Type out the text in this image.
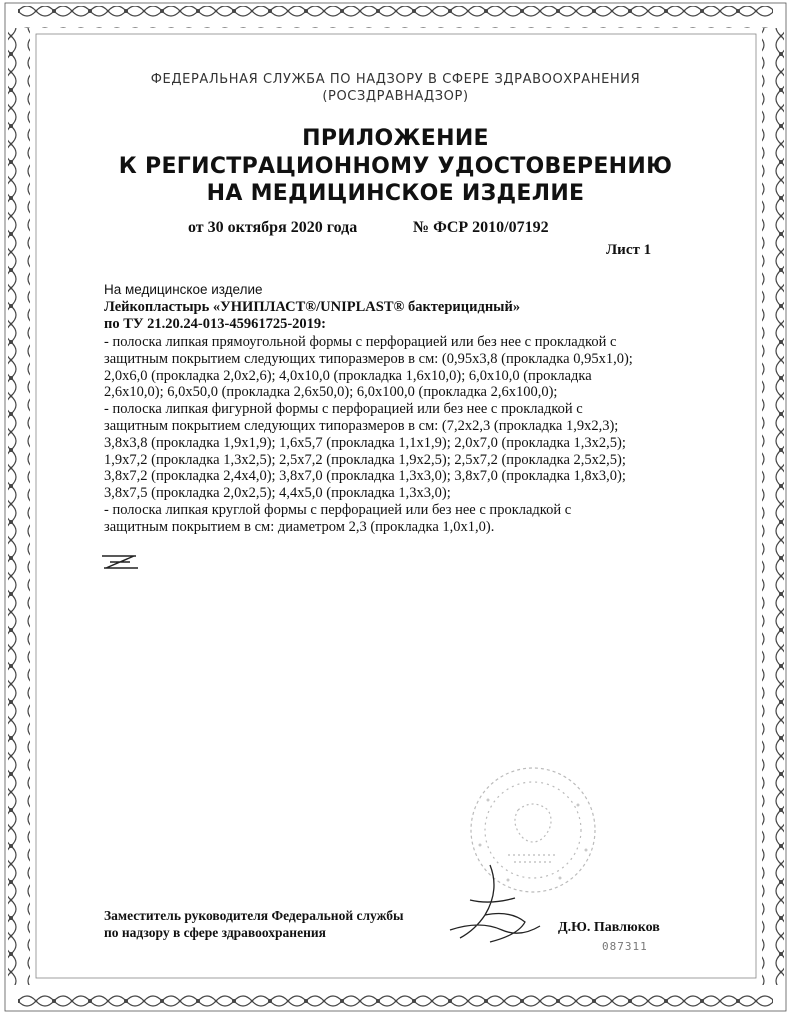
ФЕДЕРАЛЬНАЯ СЛУЖБА ПО НАДЗОРУ В СФЕРЕ ЗДРАВООХРАНЕНИЯ
(РОСЗДРАВНАДЗОР)
ПРИЛОЖЕНИЕ
К РЕГИСТРАЦИОННОМУ УДОСТОВЕРЕНИЮ
НА МЕДИЦИНСКОЕ ИЗДЕЛИЕ
от 30 октября 2020 года	№ ФСР 2010/07192
Лист 1
На медицинское изделие
Лейкопластырь «УНИПЛАСТ®/UNIPLAST® бактерицидный»
по ТУ 21.20.24-013-45961725-2019:
- полоска липкая прямоугольной формы с перфорацией или без нее с прокладкой с
защитным покрытием следующих типоразмеров в см: (0,95x3,8 (прокладка 0,95x1,0);
2,0x6,0 (прокладка 2,0x2,6); 4,0x10,0 (прокладка 1,6x10,0); 6,0x10,0 (прокладка
2,6x10,0); 6,0x50,0 (прокладка 2,6x50,0); 6,0x100,0 (прокладка 2,6x100,0);
- полоска липкая фигурной формы с перфорацией или без нее с прокладкой с
защитным покрытием следующих типоразмеров в см: (7,2x2,3 (прокладка 1,9x2,3);
3,8x3,8 (прокладка 1,9x1,9); 1,6x5,7 (прокладка 1,1x1,9); 2,0x7,0 (прокладка 1,3x2,5);
1,9x7,2 (прокладка 1,3x2,5); 2,5x7,2 (прокладка 1,9x2,5); 2,5x7,2 (прокладка 2,5x2,5);
3,8x7,2 (прокладка 2,4x4,0); 3,8x7,0 (прокладка 1,3x3,0); 3,8x7,0 (прокладка 1,8x3,0);
3,8x7,5 (прокладка 2,0x2,5); 4,4x5,0 (прокладка 1,3x3,0);
- полоска липкая круглой формы с перфорацией или без нее с прокладкой с
защитным покрытием в см: диаметром 2,3 (прокладка 1,0x1,0).
Заместитель руководителя Федеральной службы
по надзору в сфере здравоохранения	Д.Ю. Павлюков
087311
